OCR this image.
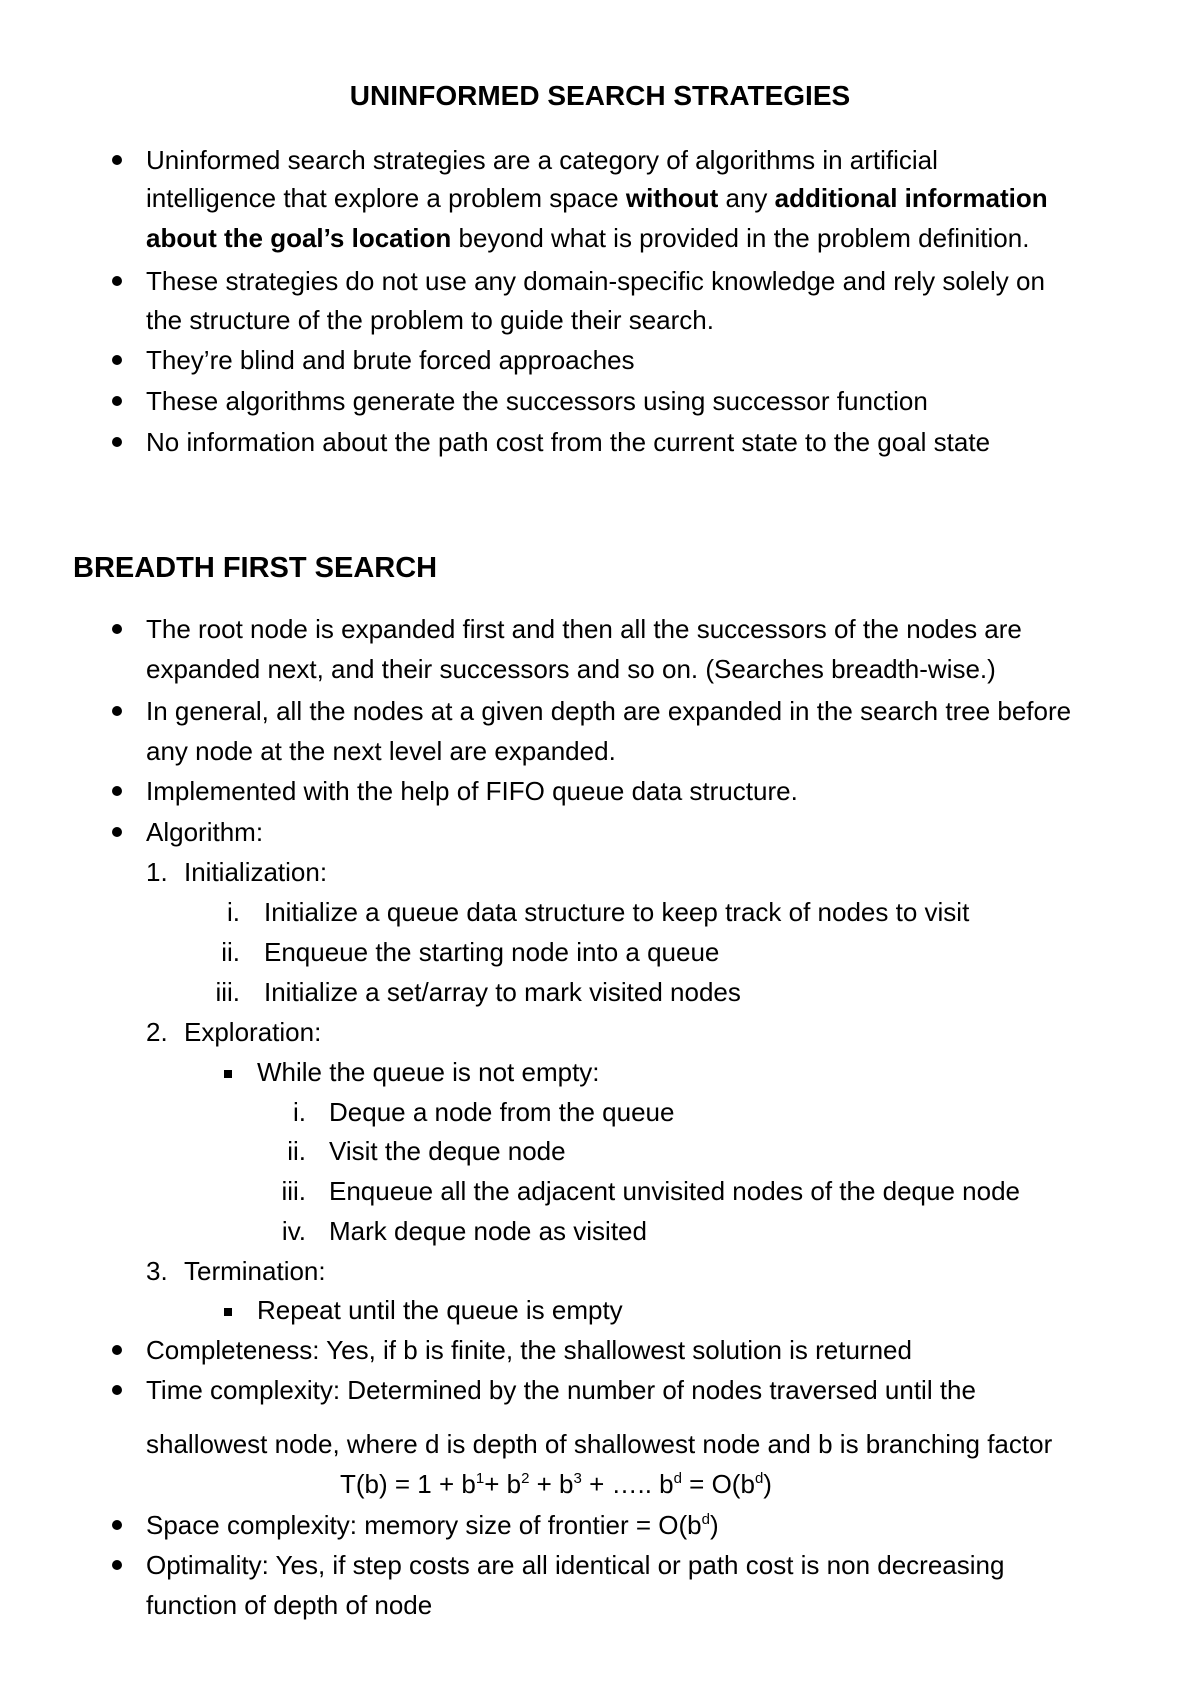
UNINFORMED SEARCH STRATEGIES
Uninformed search strategies are a category of algorithms in artificial
intelligence that explore a problem space without any additional information
about the goal’s location beyond what is provided in the problem definition.
These strategies do not use any domain-specific knowledge and rely solely on
the structure of the problem to guide their search.
They’re blind and brute forced approaches
These algorithms generate the successors using successor function
No information about the path cost from the current state to the goal state
BREADTH FIRST SEARCH
The root node is expanded first and then all the successors of the nodes are
expanded next, and their successors and so on. (Searches breadth-wise.)
In general, all the nodes at a given depth are expanded in the search tree before
any node at the next level are expanded.
Implemented with the help of FIFO queue data structure.
Algorithm:
1. Initialization:
i. Initialize a queue data structure to keep track of nodes to visit
ii. Enqueue the starting node into a queue
iii. Initialize a set/array to mark visited nodes
2. Exploration:
While the queue is not empty:
i. Deque a node from the queue
ii. Visit the deque node
iii. Enqueue all the adjacent unvisited nodes of the deque node
iv. Mark deque node as visited
3. Termination:
Repeat until the queue is empty
Completeness: Yes, if b is finite, the shallowest solution is returned
Time complexity: Determined by the number of nodes traversed until the
shallowest node, where d is depth of shallowest node and b is branching factor
$T(b) = 1 + b^1+ b^2 + b^3$ + ….. $b^d = O(b^d)$
Space complexity: memory size of frontier = $O(b^d)$
Optimality: Yes, if step costs are all identical or path cost is non decreasing
function of depth of node
